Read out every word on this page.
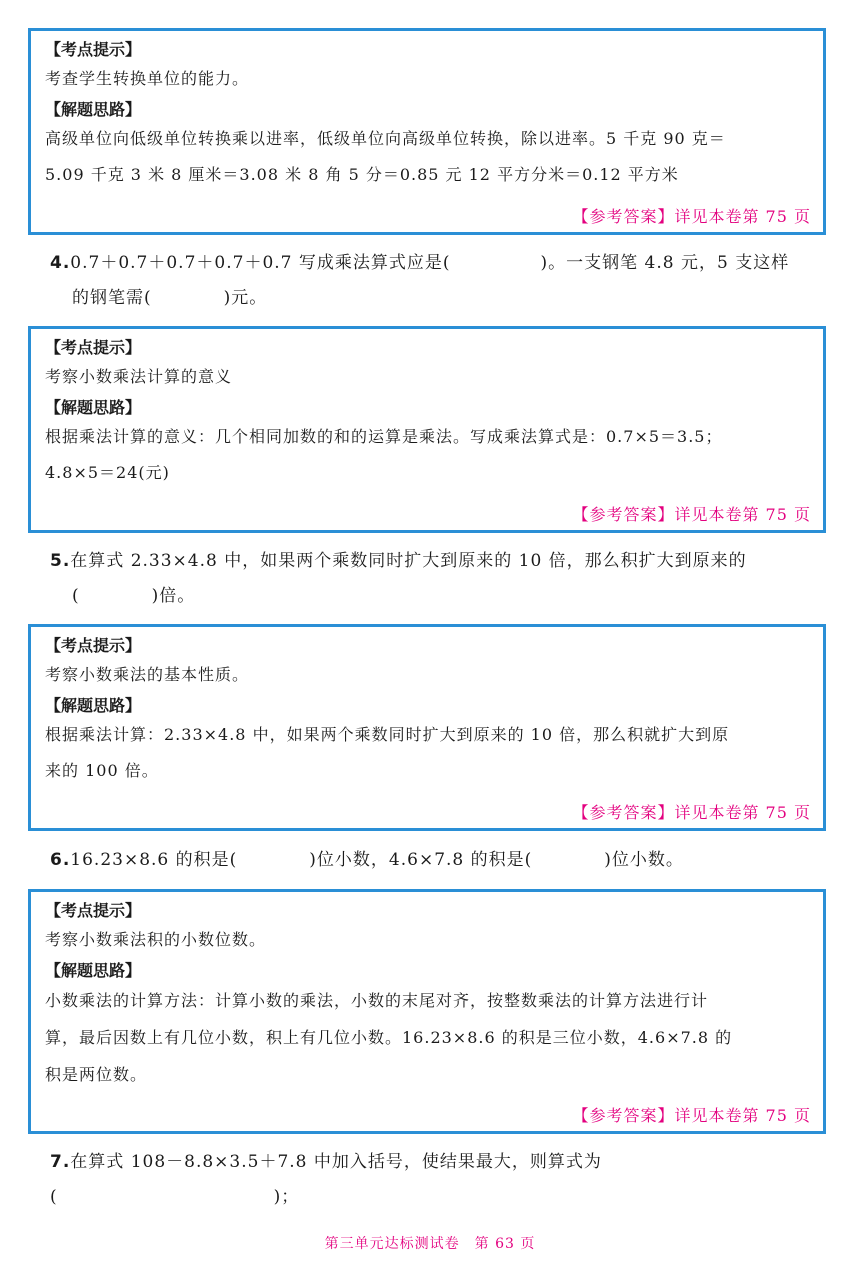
【考点提示】
考查学生转换单位的能力。
【解题思路】
高级单位向低级单位转换乘以进率，低级单位向高级单位转换，除以进率。5 千克 90 克＝
5.09 千克 3 米 8 厘米＝3.08 米 8 角 5 分＝0.85 元 12 平方分米＝0.12 平方米
【参考答案】详见本卷第 75 页
4.0.7＋0.7＋0.7＋0.7＋0.7 写成乘法算式应是(　　　　　)。一支钢笔 4.8 元，5 支这样
的钢笔需(　　　　)元。
【考点提示】
考察小数乘法计算的意义
【解题思路】
根据乘法计算的意义：几个相同加数的和的运算是乘法。写成乘法算式是：0.7×5＝3.5；
4.8×5＝24(元)
【参考答案】详见本卷第 75 页
5.在算式 2.33×4.8 中，如果两个乘数同时扩大到原来的 10 倍，那么积扩大到原来的
(　　　　)倍。
【考点提示】
考察小数乘法的基本性质。
【解题思路】
根据乘法计算：2.33×4.8 中，如果两个乘数同时扩大到原来的 10 倍，那么积就扩大到原
来的 100 倍。
【参考答案】详见本卷第 75 页
6.16.23×8.6 的积是(　　　　)位小数，4.6×7.8 的积是(　　　　)位小数。
【考点提示】
考察小数乘法积的小数位数。
【解题思路】
小数乘法的计算方法：计算小数的乘法，小数的末尾对齐，按整数乘法的计算方法进行计
算，最后因数上有几位小数，积上有几位小数。16.23×8.6 的积是三位小数，4.6×7.8 的
积是两位数。
【参考答案】详见本卷第 75 页
7.在算式 108－8.8×3.5＋7.8 中加入括号，使结果最大，则算式为(　　　　　　　　　　　　)；
第三单元达标测试卷　第 63 页
